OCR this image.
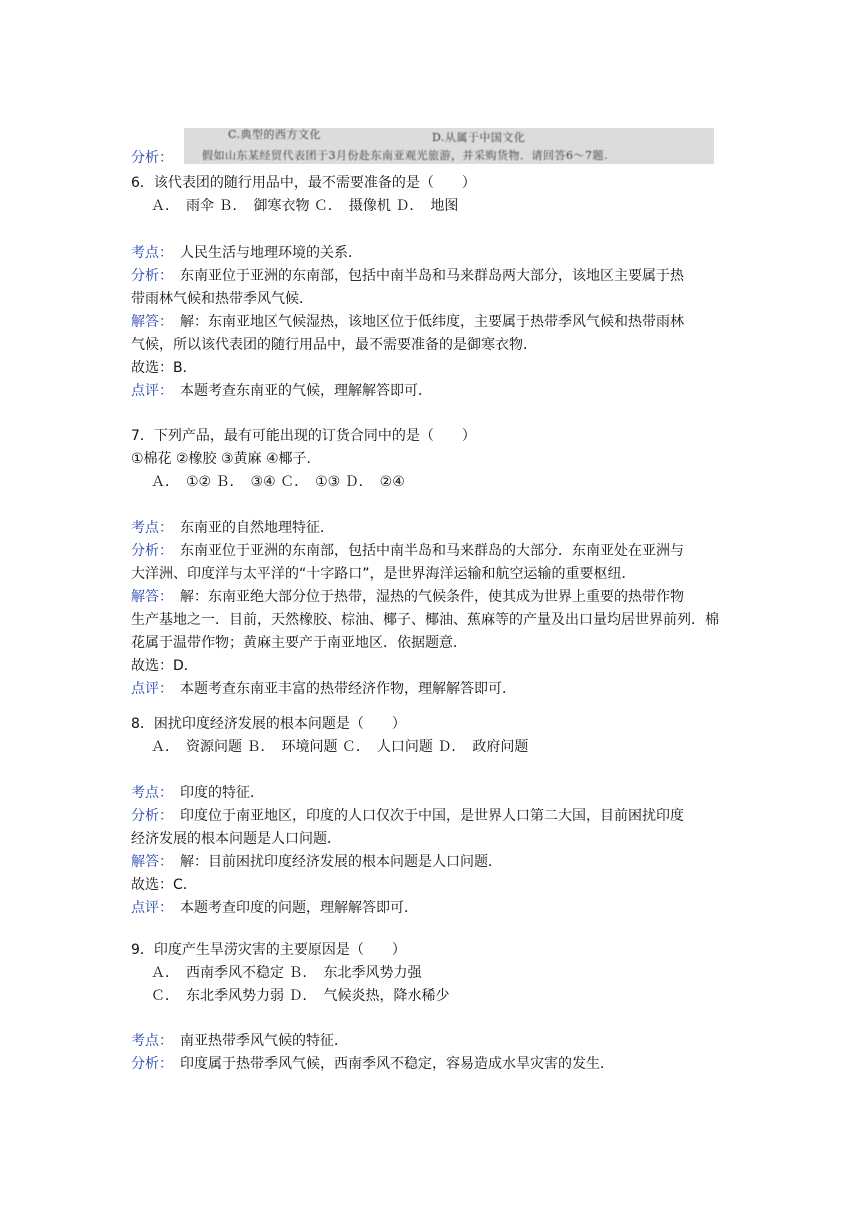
C.典型的西方文化	D.从属于中国文化
假如山东某经贸代表团于3月份赴东南亚观光旅游，并采购货物．请回答6～7题.
分析：
6．该代表团的随行用品中，最不需要准备的是（　　）
Ａ．　雨伞 Ｂ．　御寒衣物 Ｃ．　摄像机 Ｄ．　地图
考点：　人民生活与地理环境的关系．
分析：　东南亚位于亚洲的东南部，包括中南半岛和马来群岛两大部分，该地区主要属于热
带雨林气候和热带季风气候．
解答：　解：东南亚地区气候湿热，该地区位于低纬度，主要属于热带季风气候和热带雨林
气候，所以该代表团的随行用品中，最不需要准备的是御寒衣物．
故选：B．
点评：　本题考查东南亚的气候，理解解答即可．
7．下列产品，最有可能出现的订货合同中的是（　　）
①棉花 ②橡胶 ③黄麻 ④椰子．
Ａ．　①② Ｂ．　③④ Ｃ．　①③ Ｄ．　②④
考点：　东南亚的自然地理特征．
分析：　东南亚位于亚洲的东南部，包括中南半岛和马来群岛的大部分．东南亚处在亚洲与
大洋洲、印度洋与太平洋的“十字路口”，是世界海洋运输和航空运输的重要枢纽．
解答：　解：东南亚绝大部分位于热带，湿热的气候条件，使其成为世界上重要的热带作物
生产基地之一．目前，天然橡胶、棕油、椰子、椰油、蕉麻等的产量及出口量均居世界前列．棉
花属于温带作物；黄麻主要产于南亚地区．依据题意．
故选：D．
点评：　本题考查东南亚丰富的热带经济作物，理解解答即可．
8．困扰印度经济发展的根本问题是（　　）
Ａ．　资源问题 Ｂ．　环境问题 Ｃ．　人口问题 Ｄ．　政府问题
考点：　印度的特征．
分析：　印度位于南亚地区，印度的人口仅次于中国，是世界人口第二大国，目前困扰印度
经济发展的根本问题是人口问题．
解答：　解：目前困扰印度经济发展的根本问题是人口问题．
故选：C．
点评：　本题考查印度的问题，理解解答即可．
9．印度产生旱涝灾害的主要原因是（　　）
Ａ．　西南季风不稳定 Ｂ．　东北季风势力强
Ｃ．　东北季风势力弱 Ｄ．　气候炎热，降水稀少
考点：　南亚热带季风气候的特征．
分析：　印度属于热带季风气候，西南季风不稳定，容易造成水旱灾害的发生．
